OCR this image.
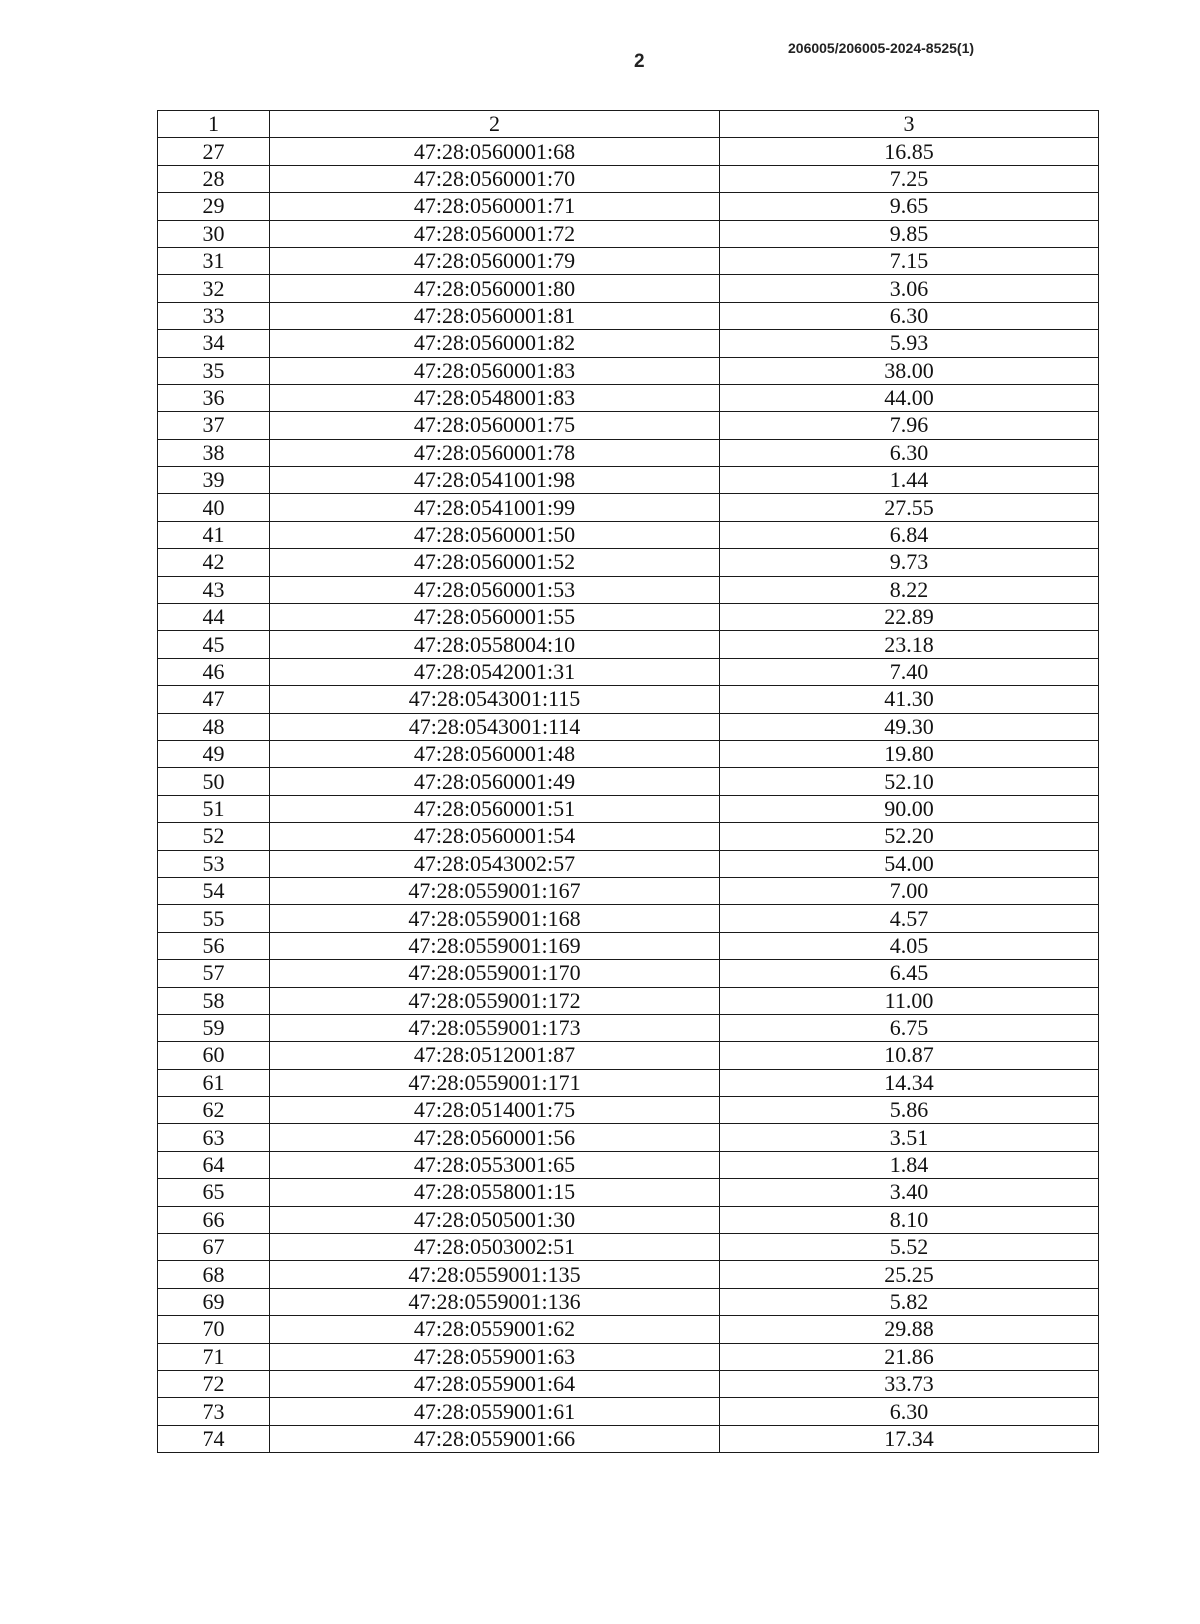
206005/206005-2024-8525(1)
2
1	2	3
27	47:28:0560001:68	16.85
28	47:28:0560001:70	7.25
29	47:28:0560001:71	9.65
30	47:28:0560001:72	9.85
31	47:28:0560001:79	7.15
32	47:28:0560001:80	3.06
33	47:28:0560001:81	6.30
34	47:28:0560001:82	5.93
35	47:28:0560001:83	38.00
36	47:28:0548001:83	44.00
37	47:28:0560001:75	7.96
38	47:28:0560001:78	6.30
39	47:28:0541001:98	1.44
40	47:28:0541001:99	27.55
41	47:28:0560001:50	6.84
42	47:28:0560001:52	9.73
43	47:28:0560001:53	8.22
44	47:28:0560001:55	22.89
45	47:28:0558004:10	23.18
46	47:28:0542001:31	7.40
47	47:28:0543001:115	41.30
48	47:28:0543001:114	49.30
49	47:28:0560001:48	19.80
50	47:28:0560001:49	52.10
51	47:28:0560001:51	90.00
52	47:28:0560001:54	52.20
53	47:28:0543002:57	54.00
54	47:28:0559001:167	7.00
55	47:28:0559001:168	4.57
56	47:28:0559001:169	4.05
57	47:28:0559001:170	6.45
58	47:28:0559001:172	11.00
59	47:28:0559001:173	6.75
60	47:28:0512001:87	10.87
61	47:28:0559001:171	14.34
62	47:28:0514001:75	5.86
63	47:28:0560001:56	3.51
64	47:28:0553001:65	1.84
65	47:28:0558001:15	3.40
66	47:28:0505001:30	8.10
67	47:28:0503002:51	5.52
68	47:28:0559001:135	25.25
69	47:28:0559001:136	5.82
70	47:28:0559001:62	29.88
71	47:28:0559001:63	21.86
72	47:28:0559001:64	33.73
73	47:28:0559001:61	6.30
74	47:28:0559001:66	17.34
